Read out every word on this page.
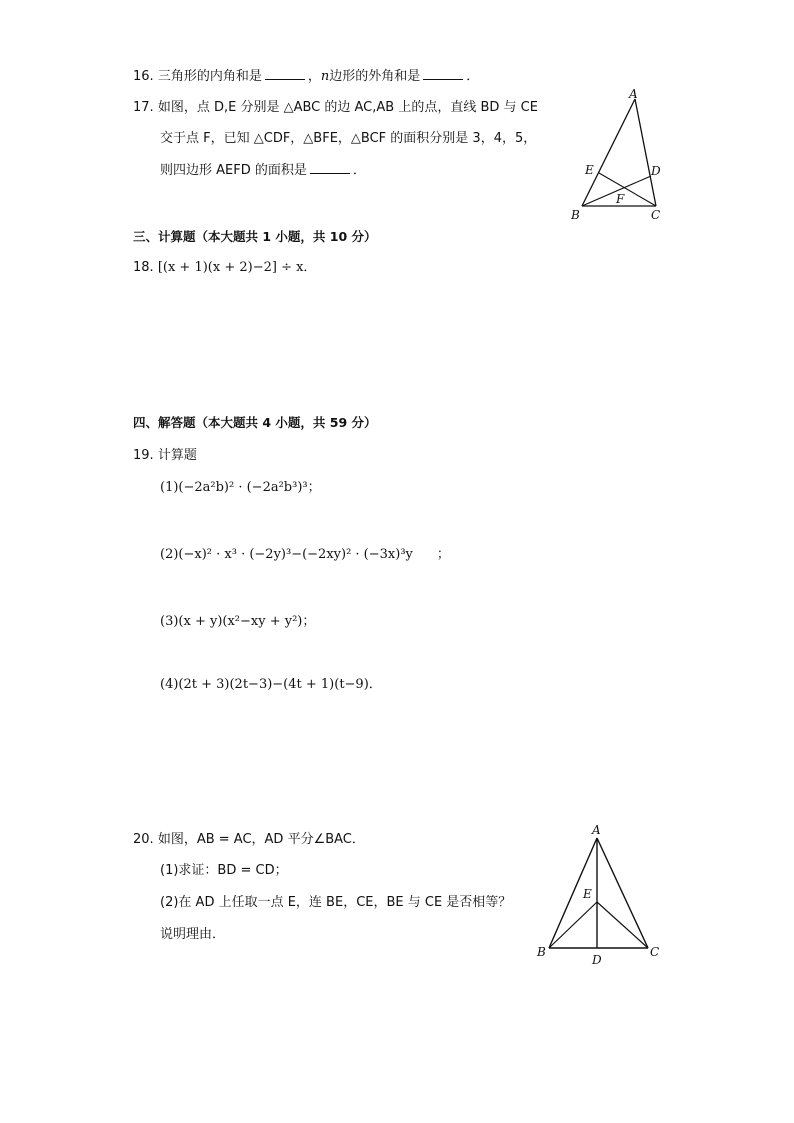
16. 三角形的内角和是	，n边形的外角和是	．
17. 如图，点 D,E 分别是 △ABC 的边 AC,AB 上的点，直线 BD 与 CE
交于点 F，已知 △CDF，△BFE，△BCF 的面积分别是 3，4，5，
则四边形 AEFD 的面积是	．
A
E	D
F
B	C
三、计算题（本大题共 1 小题，共 10 分）
18. [(x + 1)(x + 2)−2] ÷ x．
四、解答题（本大题共 4 小题，共 59 分）
19. 计算题
(1)(−2a²b)² · (−2a²b³)³；
(2)(−x)² · x³ · (−2y)³−(−2xy)² · (−3x)³y ；
(3)(x + y)(x²−xy + y²)；
(4)(2t + 3)(2t−3)−(4t + 1)(t−9)．
20. 如图，AB = AC，AD 平分∠BAC．
(1)求证：BD = CD；
(2)在 AD 上任取一点 E，连 BE，CE，BE 与 CE 是否相等？
说明理由．
A
E
B	C
D
